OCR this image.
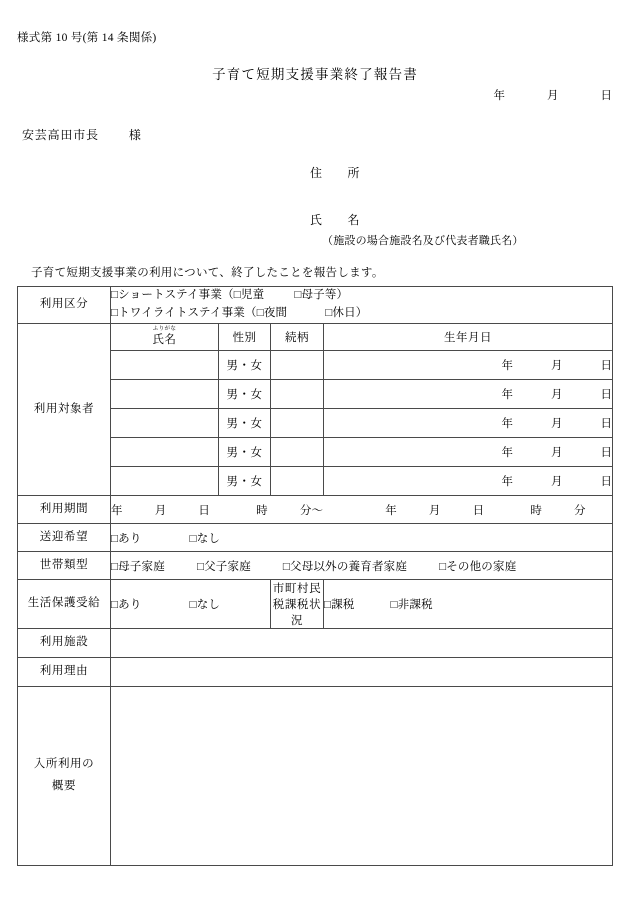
様式第 10 号(第 14 条関係)
子育て短期支援事業終了報告書
年	月	日
安芸高田市長	様
住　　所
氏　　名
（施設の場合施設名及び代表者職氏名）
子育て短期支援事業の利用について、終了したことを報告します。
利用区分	□ショートステイ事業（□児童 □母子等）
□トワイライトステイ事業（□夜間 □休日）			

利用対象者	ふりがな
氏名	性別	続柄	生年月日
		男・女		年 月 日
		男・女		年 月 日
		男・女		年 月 日
		男・女		年 月 日
		男・女		年 月 日
利用期間	年 月 日 時 分～ 年 月 日 時 分			
送迎希望	□あり □なし			
世帯類型	□母子家庭 □父子家庭 □父母以外の養育者家庭 □その他の家庭			
生活保護受給	□あり □なし		市町村民税課税状況	□課税 □非課税
利用施設				
利用理由				
入所利用の
概要				
